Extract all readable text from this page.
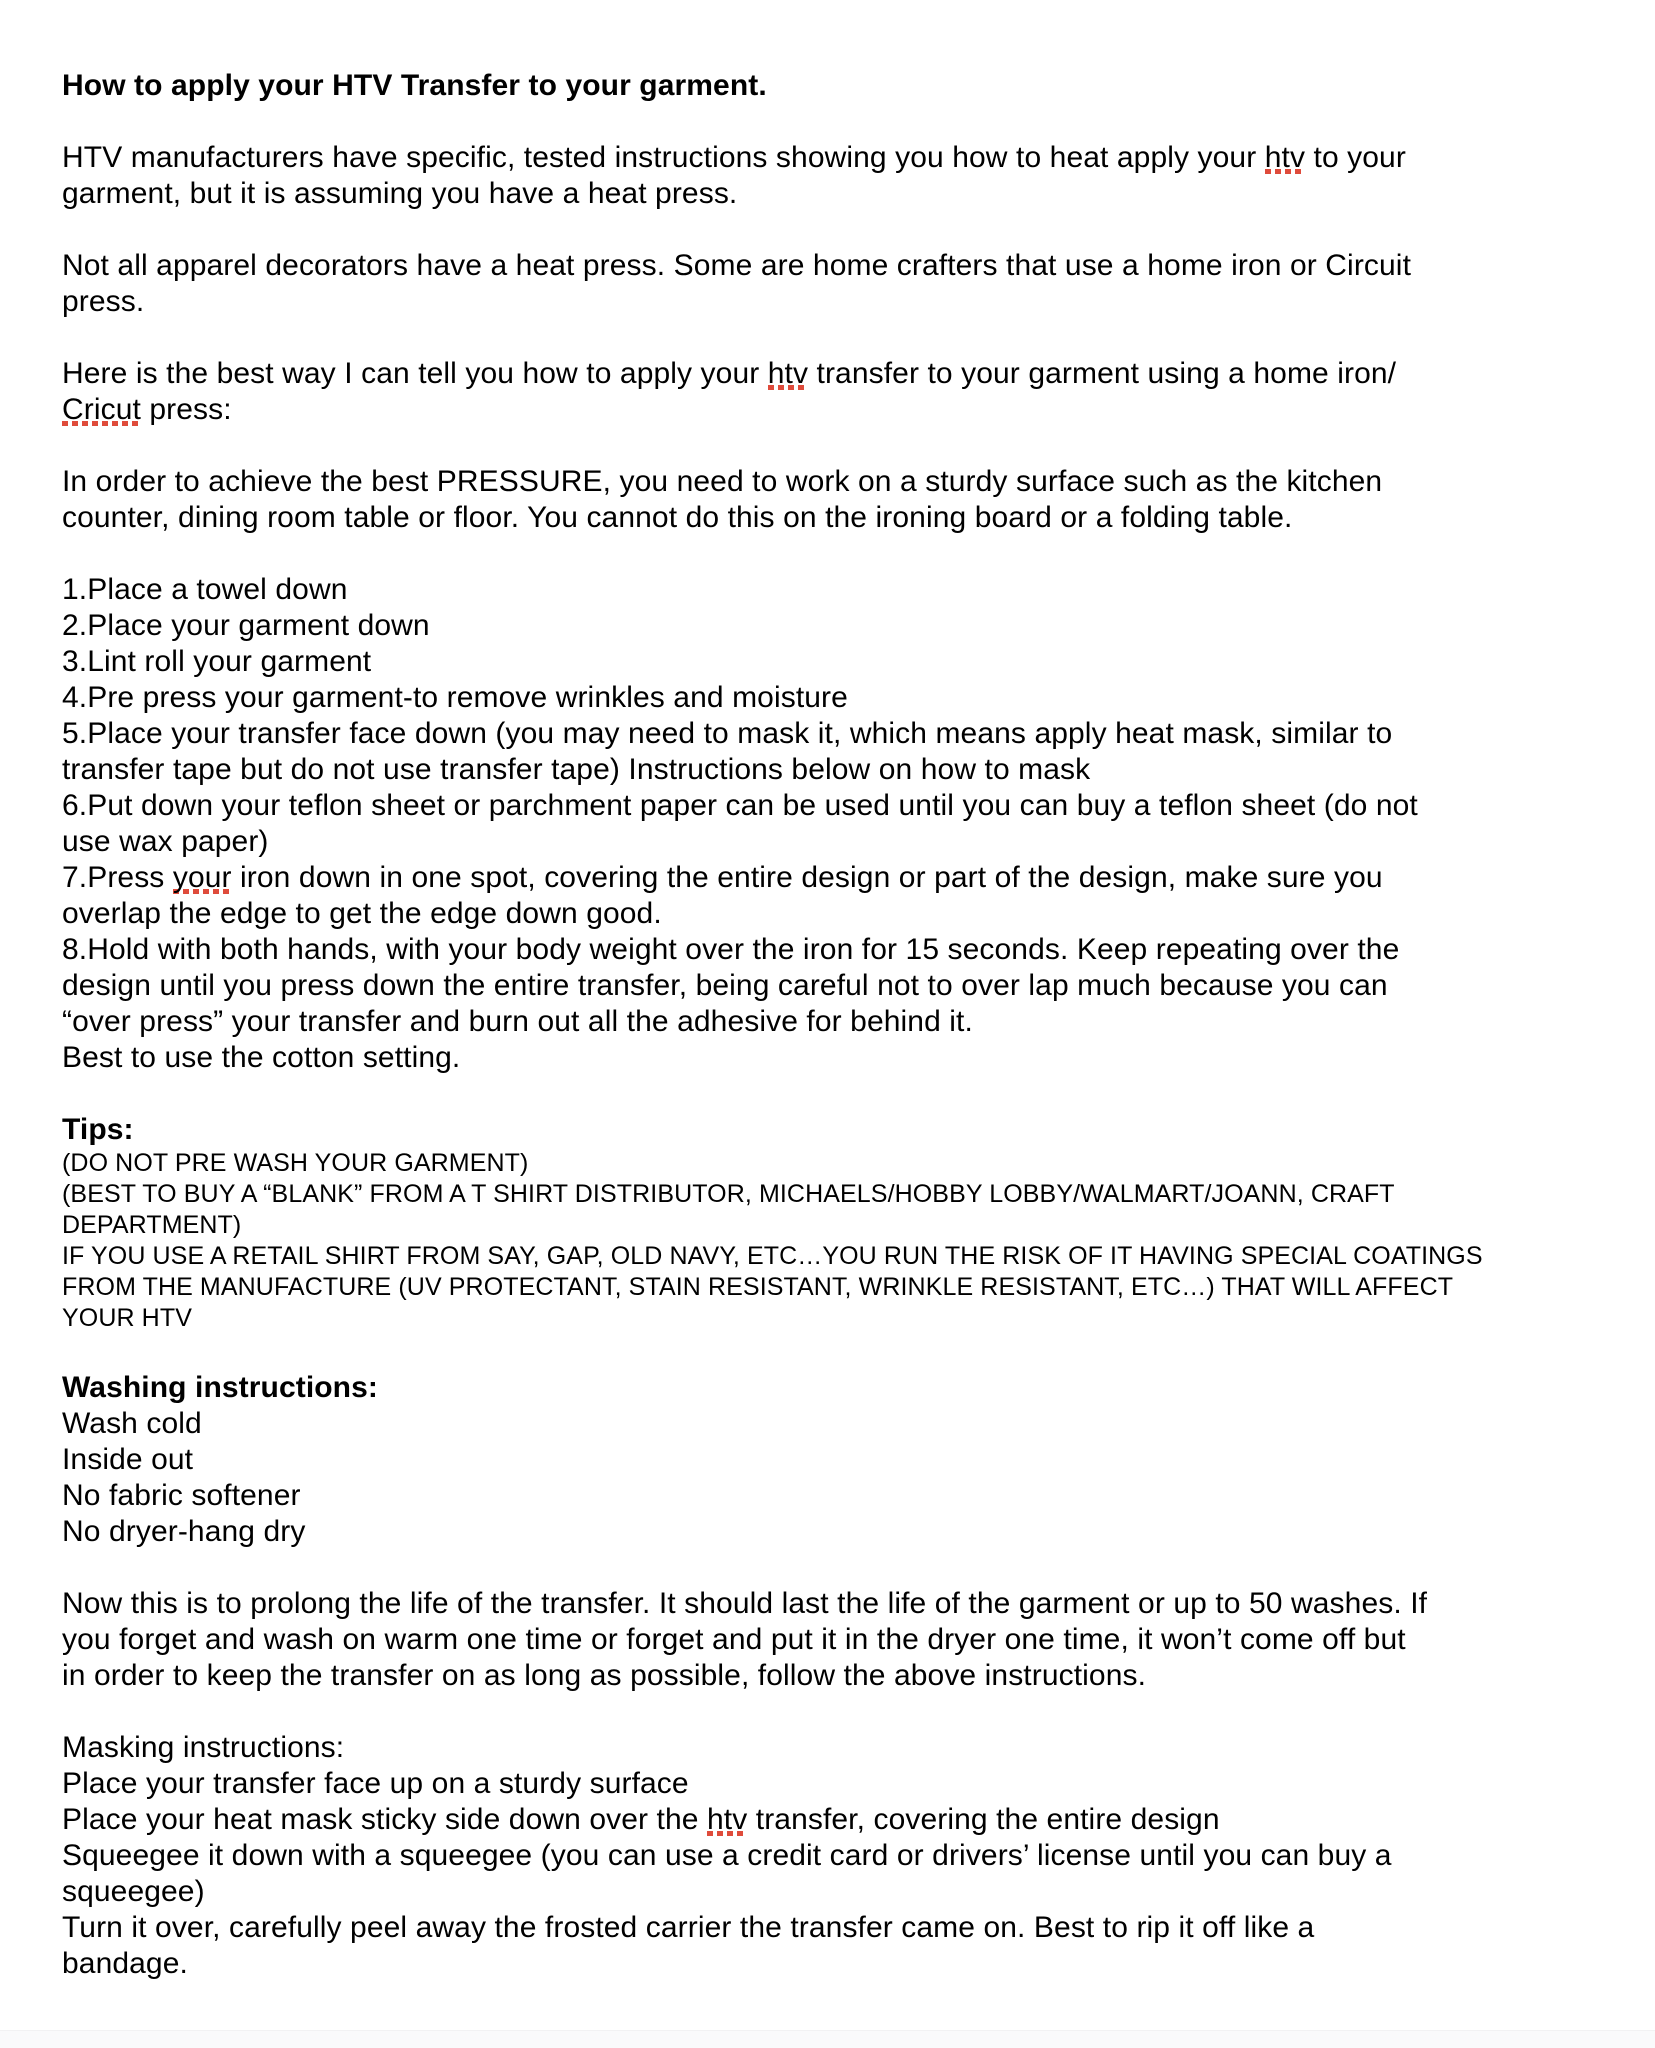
How to apply your HTV Transfer to your garment.
HTV manufacturers have specific, tested instructions showing you how to heat apply your htv to your
garment, but it is assuming you have a heat press.
Not all apparel decorators have a heat press. Some are home crafters that use a home iron or Circuit
press.
Here is the best way I can tell you how to apply your htv transfer to your garment using a home iron/
Cricut press:
In order to achieve the best PRESSURE, you need to work on a sturdy surface such as the kitchen
counter, dining room table or floor. You cannot do this on the ironing board or a folding table.
1.Place a towel down
2.Place your garment down
3.Lint roll your garment
4.Pre press your garment-to remove wrinkles and moisture
5.Place your transfer face down (you may need to mask it, which means apply heat mask, similar to
transfer tape but do not use transfer tape) Instructions below on how to mask
6.Put down your teflon sheet or parchment paper can be used until you can buy a teflon sheet (do not
use wax paper)
7.Press your iron down in one spot, covering the entire design or part of the design, make sure you
overlap the edge to get the edge down good.
8.Hold with both hands, with your body weight over the iron for 15 seconds. Keep repeating over the
design until you press down the entire transfer, being careful not to over lap much because you can
“over press” your transfer and burn out all the adhesive for behind it.
Best to use the cotton setting.
Tips:
(DO NOT PRE WASH YOUR GARMENT)
(BEST TO BUY A “BLANK” FROM A T SHIRT DISTRIBUTOR, MICHAELS/HOBBY LOBBY/WALMART/JOANN, CRAFT
DEPARTMENT)
IF YOU USE A RETAIL SHIRT FROM SAY, GAP, OLD NAVY, ETC…YOU RUN THE RISK OF IT HAVING SPECIAL COATINGS
FROM THE MANUFACTURE (UV PROTECTANT, STAIN RESISTANT, WRINKLE RESISTANT, ETC…) THAT WILL AFFECT
YOUR HTV
Washing instructions:
Wash cold
Inside out
No fabric softener
No dryer-hang dry
Now this is to prolong the life of the transfer. It should last the life of the garment or up to 50 washes. If
you forget and wash on warm one time or forget and put it in the dryer one time, it won’t come off but
in order to keep the transfer on as long as possible, follow the above instructions.
Masking instructions:
Place your transfer face up on a sturdy surface
Place your heat mask sticky side down over the htv transfer, covering the entire design
Squeegee it down with a squeegee (you can use a credit card or drivers’ license until you can buy a
squeegee)
Turn it over, carefully peel away the frosted carrier the transfer came on. Best to rip it off like a
bandage.
